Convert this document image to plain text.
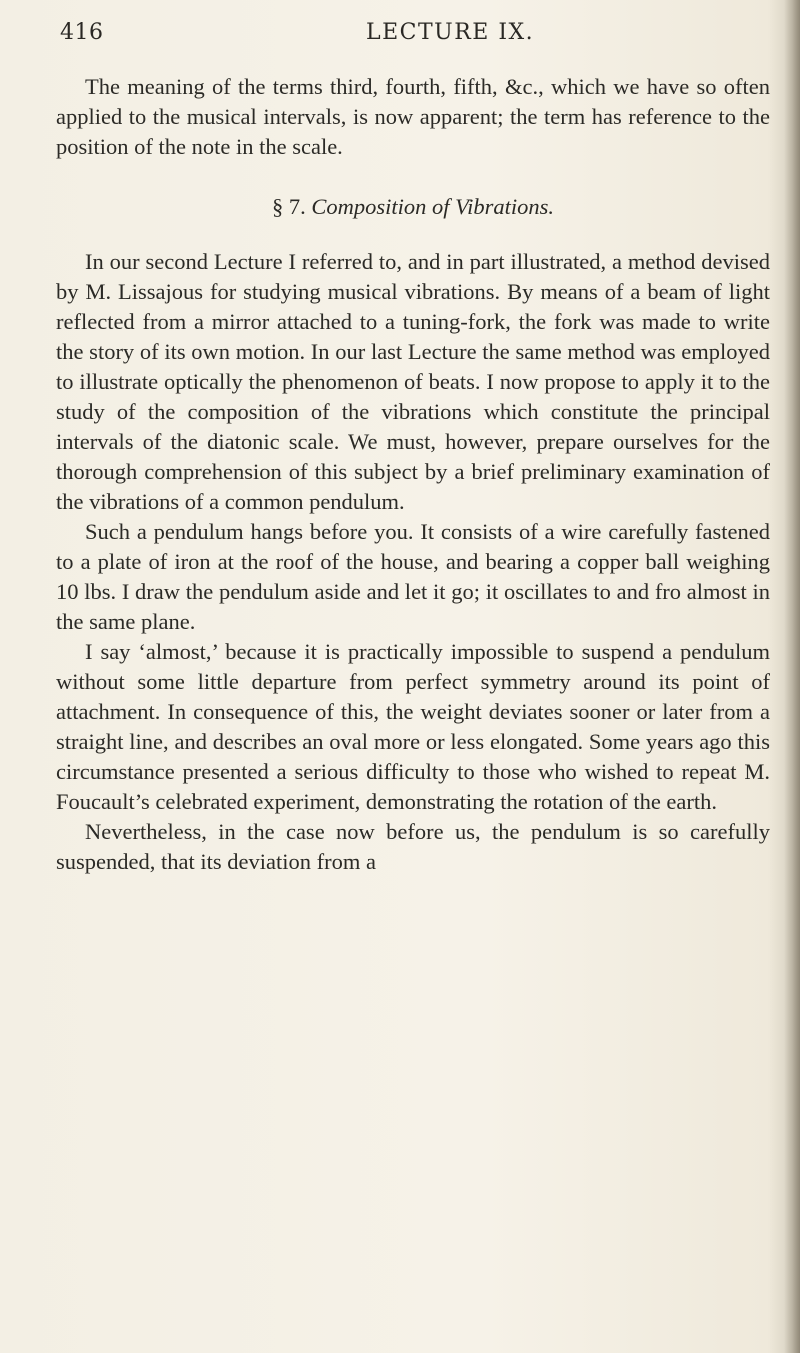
416	LECTURE IX.

The meaning of the terms third, fourth, fifth, &c., which we have so often applied to the musical intervals, is now apparent; the term has reference to the position of the note in the scale.

§ 7. Composition of Vibrations.

In our second Lecture I referred to, and in part illustrated, a method devised by M. Lissajous for studying musical vibrations. By means of a beam of light reflected from a mirror attached to a tuning-fork, the fork was made to write the story of its own motion. In our last Lecture the same method was employed to illustrate optically the phenomenon of beats. I now propose to apply it to the study of the composition of the vibrations which constitute the principal intervals of the diatonic scale. We must, however, prepare ourselves for the thorough comprehension of this subject by a brief preliminary examination of the vibrations of a common pendulum.

Such a pendulum hangs before you. It consists of a wire carefully fastened to a plate of iron at the roof of the house, and bearing a copper ball weighing 10 lbs. I draw the pendulum aside and let it go; it oscillates to and fro almost in the same plane.

I say ‘almost,’ because it is practically impossible to suspend a pendulum without some little departure from perfect symmetry around its point of attachment. In consequence of this, the weight deviates sooner or later from a straight line, and describes an oval more or less elongated. Some years ago this circumstance presented a serious difficulty to those who wished to repeat M. Foucault’s celebrated experiment, demonstrating the rotation of the earth.

Nevertheless, in the case now before us, the pendulum is so carefully suspended, that its deviation from a
